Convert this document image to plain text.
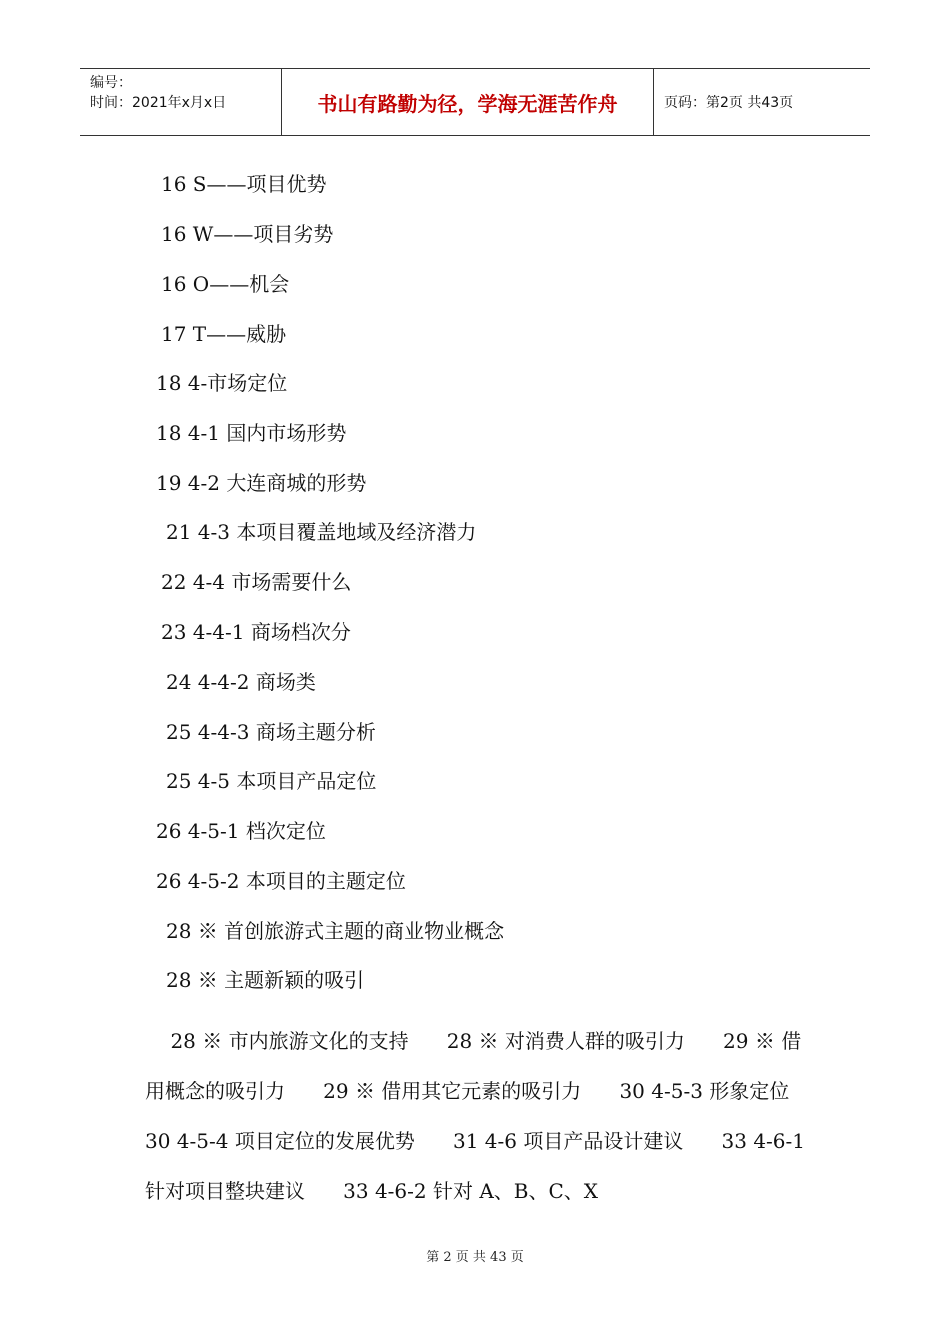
编号：
时间：2021年x月x日	书山有路勤为径，学海无涯苦作舟	页码：第2页 共43页
16 S——项目优势
16 W——项目劣势
16 O——机会
17 T——威胁
18 4-市场定位
18 4-1 国内市场形势
19 4-2 大连商城的形势
21 4-3 本项目覆盖地域及经济潜力
22 4-4 市场需要什么
23 4-4-1 商场档次分
24 4-4-2 商场类
25 4-4-3 商场主题分析
25 4-5 本项目产品定位
26 4-5-1 档次定位
26 4-5-2 本项目的主题定位
28 ※ 首创旅游式主题的商业物业概念
28 ※ 主题新颖的吸引
28 ※ 市内旅游文化的支持      28 ※ 对消费人群的吸引力      29 ※ 借用概念的吸引力      29 ※ 借用其它元素的吸引力      30 4-5-3 形象定位      30 4-5-4 项目定位的发展优势      31 4-6 项目产品设计建议      33 4-6-1 针对项目整块建议      33 4-6-2 针对 A、B、C、X
第 2 页 共 43 页
